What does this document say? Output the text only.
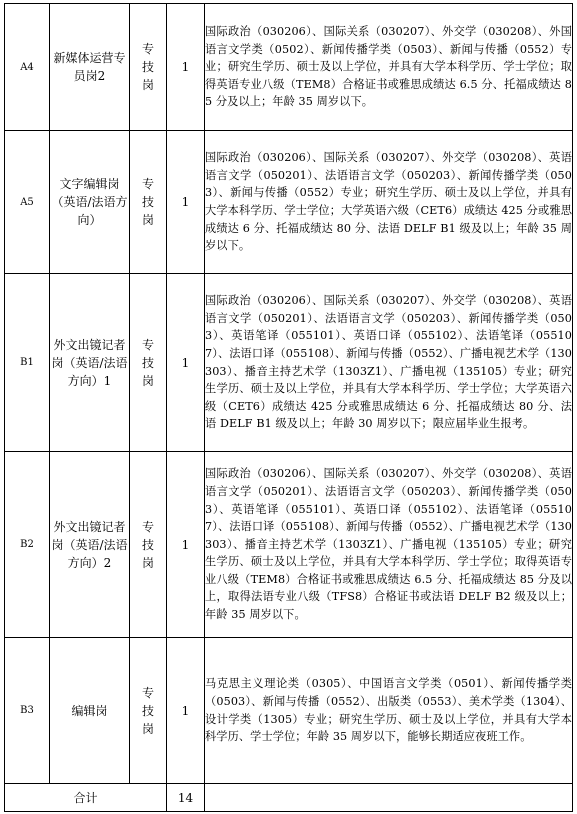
A4	新媒体运营专员岗2	专技岗	1	国际政治（030206）、国际关系（030207）、外交学（030208）、外国语言文学类（0502）、新闻传播学类（0503）、新闻与传播（0552）专业；研究生学历、硕士及以上学位，并具有大学本科学历、学士学位；取得英语专业八级（TEM8）合格证书或雅思成绩达 6.5 分、托福成绩达 85 分及以上；年龄 35 周岁以下。
A5	文字编辑岗（英语/法语方向）	专技岗	1	国际政治（030206）、国际关系（030207）、外交学（030208）、英语语言文学（050201）、法语语言文学（050203）、新闻传播学类（0503）、新闻与传播（0552）专业；研究生学历、硕士及以上学位，并具有大学本科学历、学士学位；大学英语六级（CET6）成绩达 425 分或雅思成绩达 6 分、托福成绩达 80 分、法语 DELF B1 级及以上；年龄 35 周岁以下。
B1	外文出镜记者岗（英语/法语方向）1	专技岗	1	国际政治（030206）、国际关系（030207）、外交学（030208）、英语语言文学（050201）、法语语言文学（050203）、新闻传播学类（0503）、英语笔译（055101）、英语口译（055102）、法语笔译（055107）、法语口译（055108）、新闻与传播（0552）、广播电视艺术学（130303）、播音主持艺术学（1303Z1）、广播电视（135105）专业；研究生学历、硕士及以上学位，并具有大学本科学历、学士学位；大学英语六级（CET6）成绩达 425 分或雅思成绩达 6 分、托福成绩达 80 分、法语 DELF B1 级及以上；年龄 30 周岁以下；限应届毕业生报考。
B2	外文出镜记者岗（英语/法语方向）2	专技岗	1	国际政治（030206）、国际关系（030207）、外交学（030208）、英语语言文学（050201）、法语语言文学（050203）、新闻传播学类（0503）、英语笔译（055101）、英语口译（055102）、法语笔译（055107）、法语口译（055108）、新闻与传播（0552）、广播电视艺术学（130303）、播音主持艺术学（1303Z1）、广播电视（135105）专业；研究生学历、硕士及以上学位，并具有大学本科学历、学士学位；取得英语专业八级（TEM8）合格证书或雅思成绩达 6.5 分、托福成绩达 85 分及以上，取得法语专业八级（TFS8）合格证书或法语 DELF B2 级及以上；年龄 35 周岁以下。
B3	编辑岗	专技岗	1	马克思主义理论类（0305）、中国语言文学类（0501）、新闻传播学类（0503）、新闻与传播（0552）、出版类（0553）、美术学类（1304）、设计学类（1305）专业；研究生学历、硕士及以上学位，并具有大学本科学历、学士学位；年龄 35 周岁以下，能够长期适应夜班工作。
合计			14	
